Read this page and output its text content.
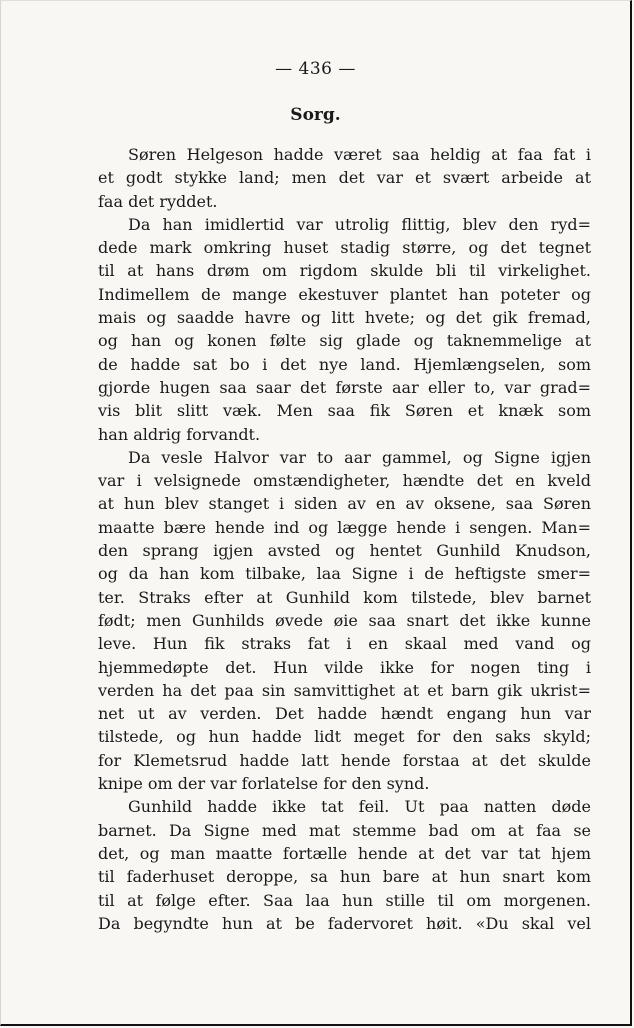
— 436 —
Sorg.
Søren Helgeson hadde været saa heldig at faa fat i
et godt stykke land; men det var et svært arbeide at
faa det ryddet.
Da han imidlertid var utrolig flittig, blev den ryd=
dede mark omkring huset stadig større, og det tegnet
til at hans drøm om rigdom skulde bli til virkelighet.
Indimellem de mange ekestuver plantet han poteter og
mais og saadde havre og litt hvete; og det gik fremad,
og han og konen følte sig glade og taknemmelige at
de hadde sat bo i det nye land. Hjemlængselen, som
gjorde hugen saa saar det første aar eller to, var grad=
vis blit slitt væk. Men saa fik Søren et knæk som
han aldrig forvandt.
Da vesle Halvor var to aar gammel, og Signe igjen
var i velsignede omstændigheter, hændte det en kveld
at hun blev stanget i siden av en av oksene, saa Søren
maatte bære hende ind og lægge hende i sengen. Man=
den sprang igjen avsted og hentet Gunhild Knudson,
og da han kom tilbake, laa Signe i de heftigste smer=
ter. Straks efter at Gunhild kom tilstede, blev barnet
født; men Gunhilds øvede øie saa snart det ikke kunne
leve. Hun fik straks fat i en skaal med vand og
hjemmedøpte det. Hun vilde ikke for nogen ting i
verden ha det paa sin samvittighet at et barn gik ukrist=
net ut av verden. Det hadde hændt engang hun var
tilstede, og hun hadde lidt meget for den saks skyld;
for Klemetsrud hadde latt hende forstaa at det skulde
knipe om der var forlatelse for den synd.
Gunhild hadde ikke tat feil. Ut paa natten døde
barnet. Da Signe med mat stemme bad om at faa se
det, og man maatte fortælle hende at det var tat hjem
til faderhuset deroppe, sa hun bare at hun snart kom
til at følge efter. Saa laa hun stille til om morgenen.
Da begyndte hun at be fadervoret høit. «Du skal vel
